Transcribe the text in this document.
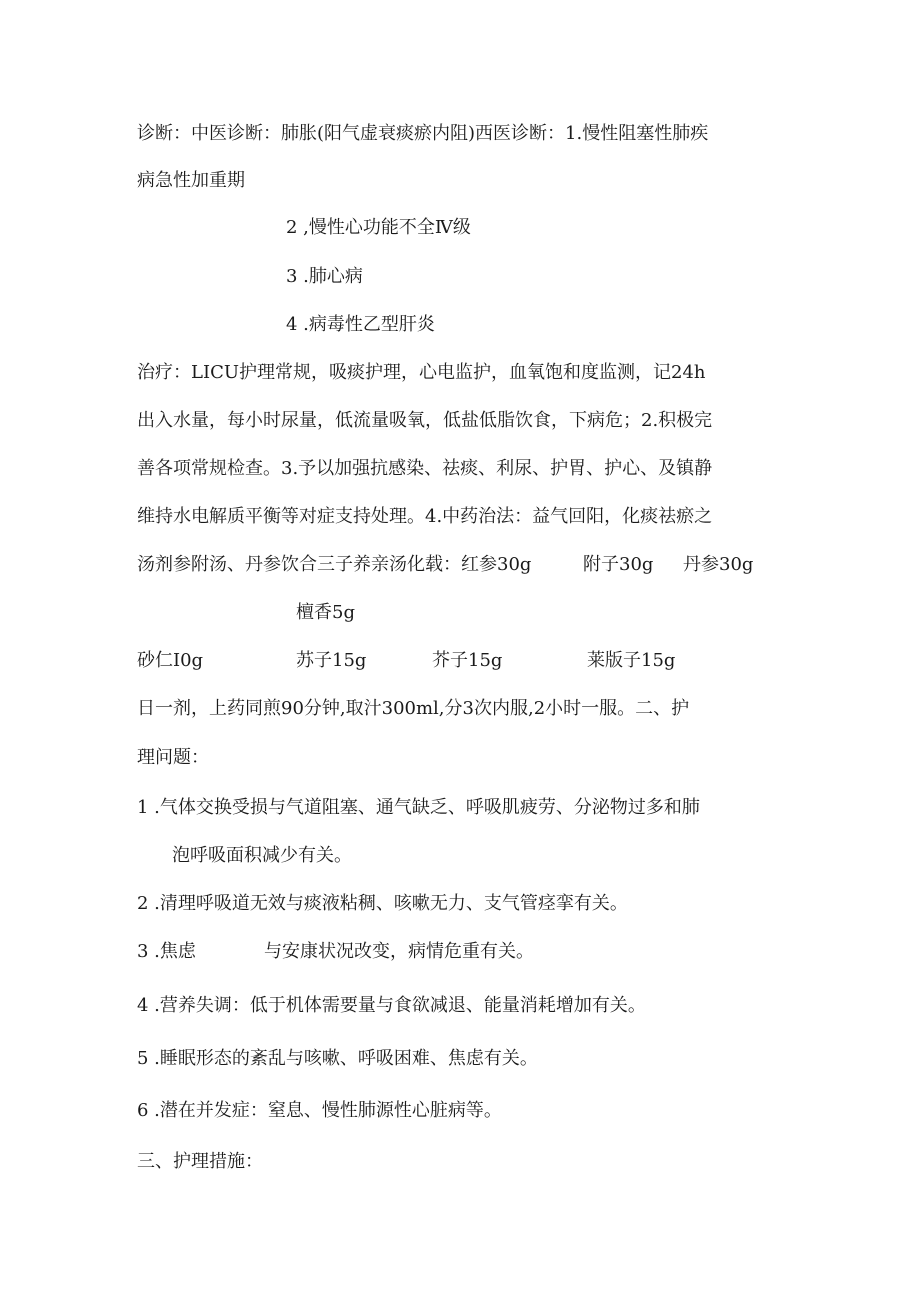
诊断：中医诊断：肺胀(阳气虚衰痰瘀内阻)西医诊断：1.慢性阻塞性肺疾

病急性加重期

2 ,慢性心功能不全Ⅳ级

3 .肺心病

4 .病毒性乙型肝炎

治疗：LICU护理常规，吸痰护理，心电监护，血氧饱和度监测，记24h

出入水量，每小时尿量，低流量吸氧，低盐低脂饮食，下病危；2.积极完

善各项常规检查。3.予以加强抗感染、祛痰、利尿、护胃、护心、及镇静

维持水电解质平衡等对症支持处理。4.中药治法：益气回阳，化痰祛瘀之

汤剂参附汤、丹参饮合三子养亲汤化载：红参30g	附子30g 丹参30g

檀香5g

砂仁I0g	苏子15g	芥子15g	莱版子15g

日一剂，上药同煎90分钟,取汁300ml,分3次内服,2小时一服。二、护

理问题：

1 .气体交换受损与气道阻塞、通气缺乏、呼吸肌疲劳、分泌物过多和肺

泡呼吸面积减少有关。

2 .清理呼吸道无效与痰液粘稠、咳嗽无力、支气管痉挛有关。

3 .焦虑	与安康状况改变，病情危重有关。

4 .营养失调：低于机体需要量与食欲减退、能量消耗增加有关。

5 .睡眠形态的紊乱与咳嗽、呼吸困难、焦虑有关。

6 .潜在并发症：窒息、慢性肺源性心脏病等。

三、护理措施：
